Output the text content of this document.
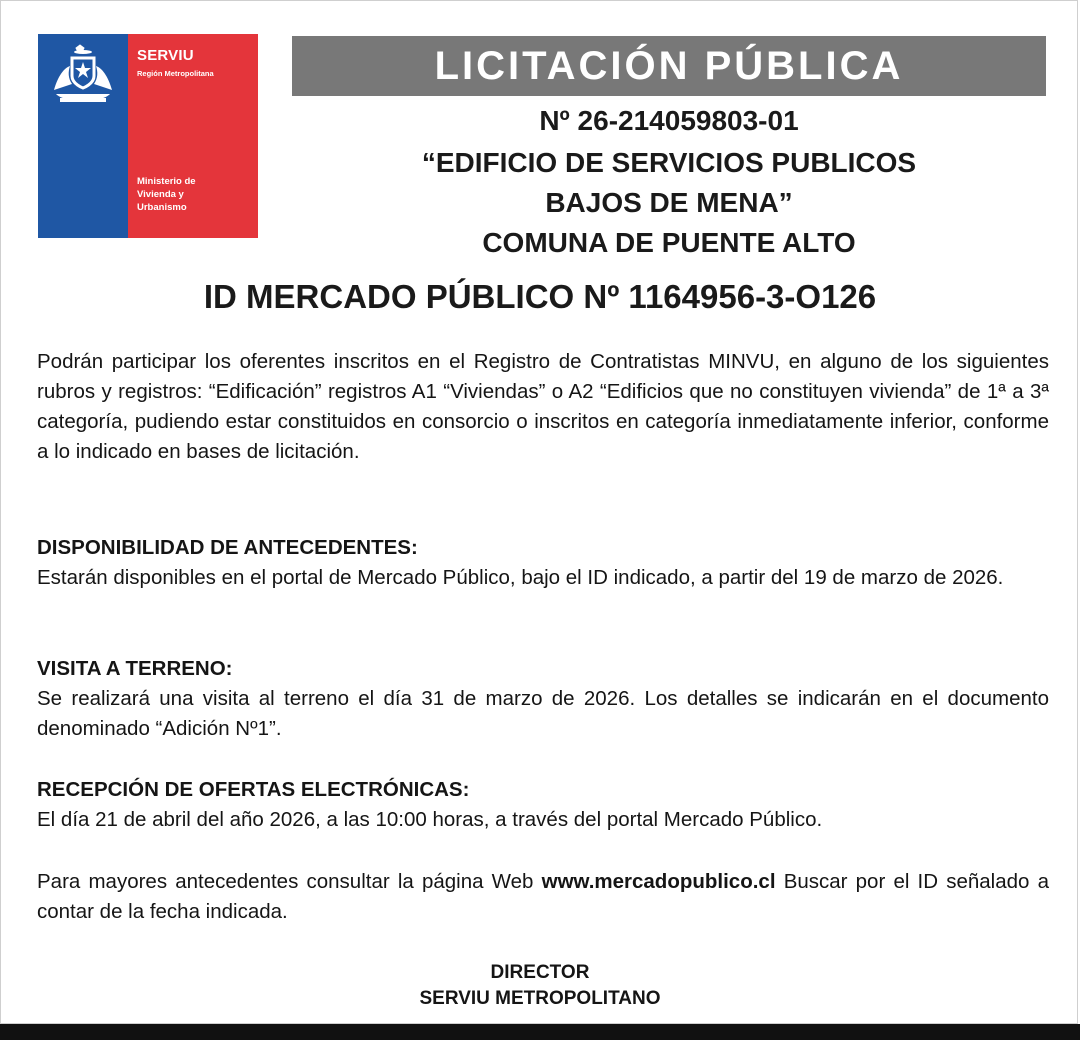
SERVIU
Región Metropolitana
Ministerio de
Vivienda y
Urbanismo
LICITACIÓN PÚBLICA
Nº 26-214059803-01
“EDIFICIO DE SERVICIOS PUBLICOS
BAJOS DE MENA”
COMUNA DE PUENTE ALTO
ID MERCADO PÚBLICO Nº 1164956-3-O126
Podrán participar los oferentes inscritos en el Registro de Contratistas MINVU, en alguno de los siguientes rubros y registros: “Edificación” registros A1 “Viviendas” o A2 “Edificios que no constituyen vivienda” de 1ª a 3ª categoría, pudiendo estar constituidos en consorcio o inscritos en categoría inmediatamente inferior, conforme a lo indicado en bases de licitación.
DISPONIBILIDAD DE ANTECEDENTES:
Estarán disponibles en el portal de Mercado Público, bajo el ID indicado, a partir del 19 de marzo de 2026.
VISITA A TERRENO:
Se realizará una visita al terreno el día 31 de marzo de 2026. Los detalles se indicarán en el documento denominado “Adición Nº1”.
RECEPCIÓN DE OFERTAS ELECTRÓNICAS:
El día 21 de abril del año 2026, a las 10:00 horas, a través del portal Mercado Público.
Para mayores antecedentes consultar la página Web www.mercadopublico.cl Buscar por el ID señalado a contar de la fecha indicada.
DIRECTOR
SERVIU METROPOLITANO
